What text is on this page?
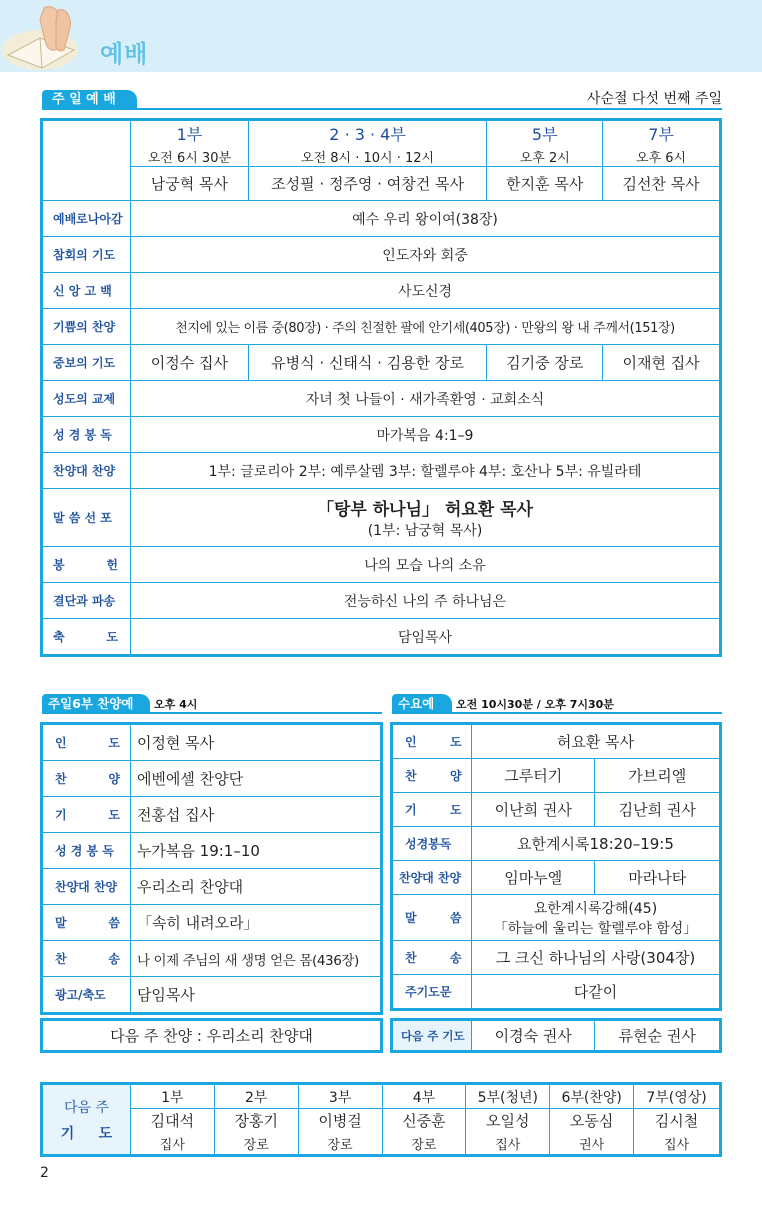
예배
주 일 예 배	사순절 다섯 번째 주일
	1부	2 · 3 · 4부	5부	7부
	오전 6시 30분	오전 8시 · 10시 · 12시	오후 2시	오후 6시
	남궁혁 목사	조성필 · 정주영 · 여창건 목사	한지훈 목사	김선찬 목사
예배로나아감	예수 우리 왕이여(38장)			
참회의 기도	인도자와 회중			
신 앙 고 백	사도신경			
기쁨의 찬양	천지에 있는 이름 중(80장) · 주의 친절한 팔에 안기세(405장) · 만왕의 왕 내 주께서(151장)			
중보의 기도	이정수 집사	유병식 · 신태식 · 김용한 장로	김기중 장로	이재현 집사
성도의 교제	자녀 첫 나들이 · 새가족환영 · 교회소식			
성 경 봉 독	마가복음 4:1–9			
찬양대 찬양	1부: 글로리아 2부: 예루살렘 3부: 할렐루야 4부: 호산나 5부: 유빌라테			
말 씀 선 포	「탕부 하나님」 허요환 목사
(1부: 남궁혁 목사)			

봉          헌	나의 모습 나의 소유			
결단과 파송	전능하신 나의 주 하나님은			
축          도	담임목사			
주일6부 찬양예배
오후 4시
인          도	이정현 목사
찬          양	에벤에셀 찬양단
기          도	전홍섭 집사
성 경 봉 독	누가복음 19:1–10
찬양대 찬양	우리소리 찬양대
말          씀	「속히 내려오라」
찬          송	나 이제 주님의 새 생명 얻은 몸(436장)
광고/축도	담임목사
다음 주 찬양 : 우리소리 찬양대
수요예배
오전 10시30분 / 오후 7시30분
인        도	허요환 목사	
찬        양	그루터기	가브리엘
기        도	이난희 권사	김난희 권사
성경봉독	요한계시록18:20–19:5	
찬양대 찬양	임마누엘	마라나타
말        씀	요한계시록강해(45)
「하늘에 울리는 할렐루야 함성」	

찬        송	그 크신 하나님의 사랑(304장)	
주기도문	다같이	
다음 주 기도	이경숙 권사	류현순 권사
다음 주
기     도	1부	2부	3부	4부	5부(청년)	6부(찬양)	7부(영상)
	김대석	장홍기	이병걸	신중훈	오일성	오동심	김시철
	집사	장로	장로	장로	집사	권사	집사
2
